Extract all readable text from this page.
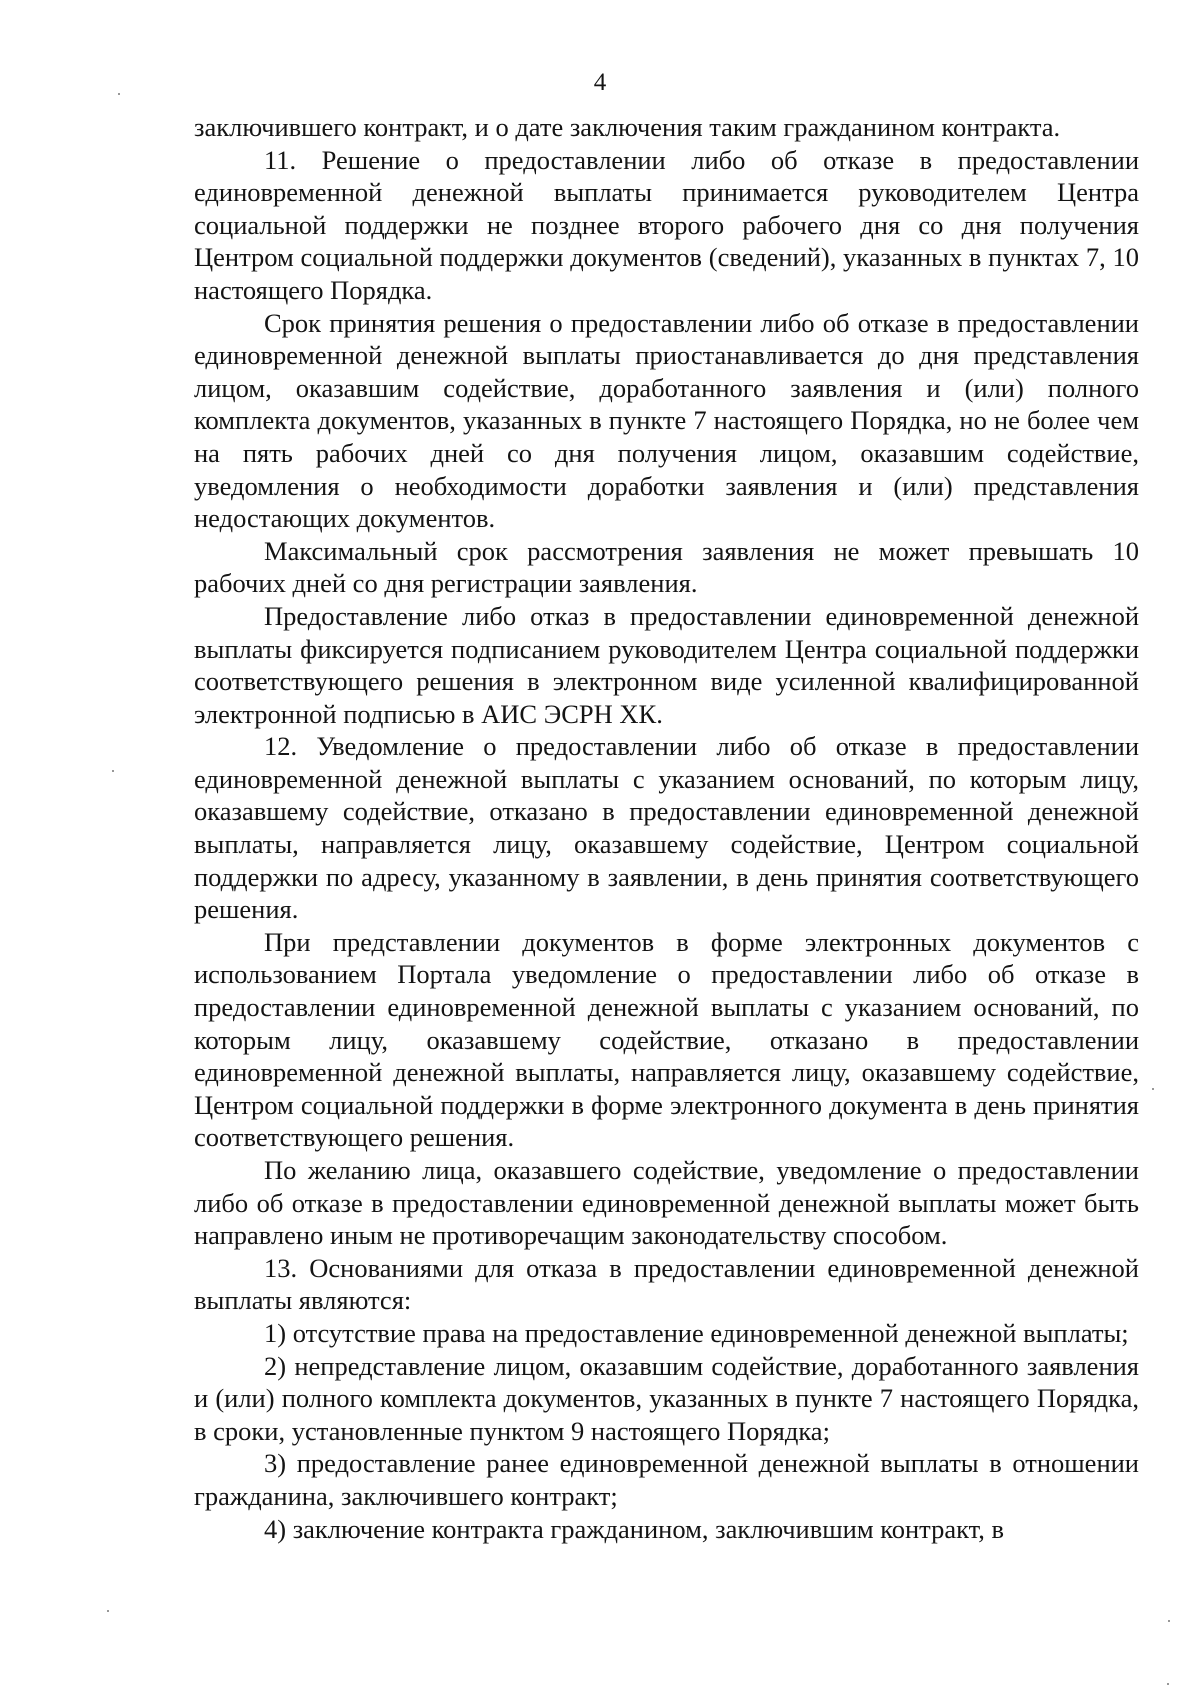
4

заключившего контракт, и о дате заключения таким гражданином контракта.

11. Решение о предоставлении либо об отказе в предоставлении единовременной денежной выплаты принимается руководителем Центра социальной поддержки не позднее второго рабочего дня со дня получения Центром социальной поддержки документов (сведений), указанных в пунктах 7, 10 настоящего Порядка.

Срок принятия решения о предоставлении либо об отказе в предоставлении единовременной денежной выплаты приостанавливается до дня представления лицом, оказавшим содействие, доработанного заявления и (или) полного комплекта документов, указанных в пункте 7 настоящего Порядка, но не более чем на пять рабочих дней со дня получения лицом, оказавшим содействие, уведомления о необходимости доработки заявления и (или) представления недостающих документов.

Максимальный срок рассмотрения заявления не может превышать 10 рабочих дней со дня регистрации заявления.

Предоставление либо отказ в предоставлении единовременной денежной выплаты фиксируется подписанием руководителем Центра социальной поддержки соответствующего решения в электронном виде усиленной квалифицированной электронной подписью в АИС ЭСРН ХК.

12. Уведомление о предоставлении либо об отказе в предоставлении единовременной денежной выплаты с указанием оснований, по которым лицу, оказавшему содействие, отказано в предоставлении единовременной денежной выплаты, направляется лицу, оказавшему содействие, Центром социальной поддержки по адресу, указанному в заявлении, в день принятия соответствующего решения.

При представлении документов в форме электронных документов с использованием Портала уведомление о предоставлении либо об отказе в предоставлении единовременной денежной выплаты с указанием оснований, по которым лицу, оказавшему содействие, отказано в предоставлении единовременной денежной выплаты, направляется лицу, оказавшему содействие, Центром социальной поддержки в форме электронного документа в день принятия соответствующего решения.

По желанию лица, оказавшего содействие, уведомление о предоставлении либо об отказе в предоставлении единовременной денежной выплаты может быть направлено иным не противоречащим законодательству способом.

13. Основаниями для отказа в предоставлении единовременной денежной выплаты являются:

1) отсутствие права на предоставление единовременной денежной выплаты;

2) непредставление лицом, оказавшим содействие, доработанного заявления и (или) полного комплекта документов, указанных в пункте 7 настоящего Порядка, в сроки, установленные пунктом 9 настоящего Порядка;

3) предоставление ранее единовременной денежной выплаты в отношении гражданина, заключившего контракт;

4) заключение контракта гражданином, заключившим контракт, в
